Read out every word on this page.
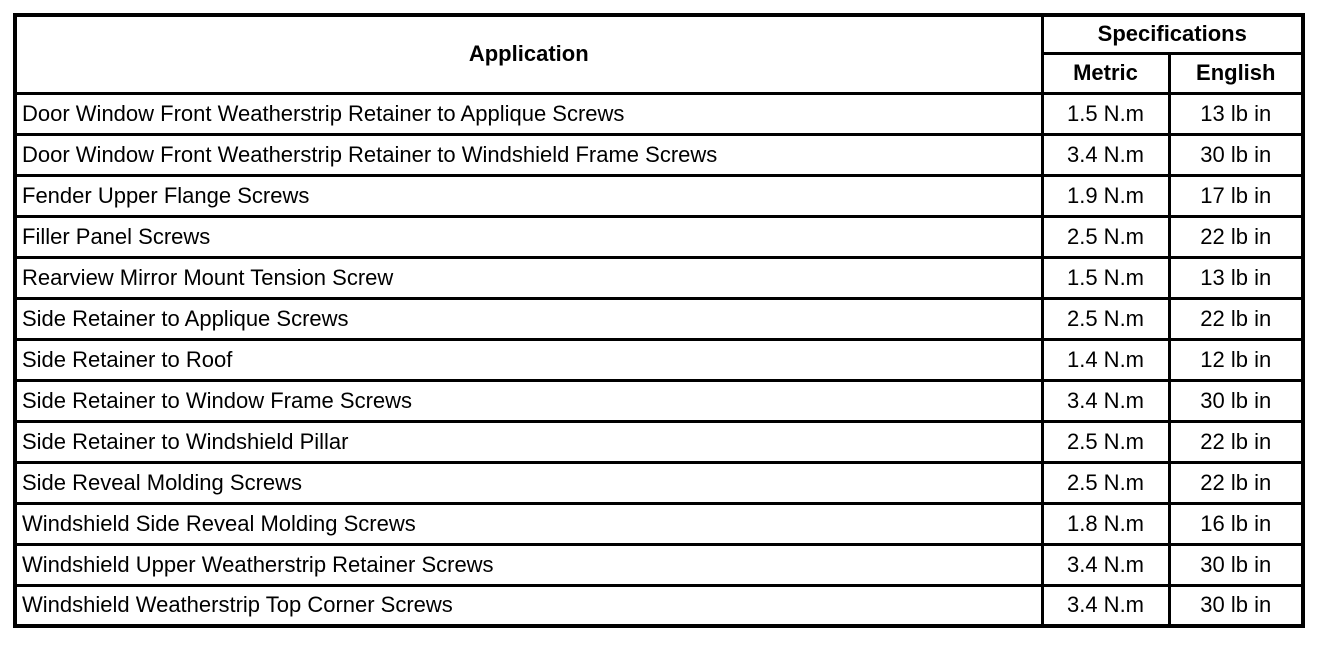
Application	Specifications	
	Metric	English
Door Window Front Weatherstrip Retainer to Applique Screws	1.5 N.m	13 lb in
Door Window Front Weatherstrip Retainer to Windshield Frame Screws	3.4 N.m	30 lb in
Fender Upper Flange Screws	1.9 N.m	17 lb in
Filler Panel Screws	2.5 N.m	22 lb in
Rearview Mirror Mount Tension Screw	1.5 N.m	13 lb in
Side Retainer to Applique Screws	2.5 N.m	22 lb in
Side Retainer to Roof	1.4 N.m	12 lb in
Side Retainer to Window Frame Screws	3.4 N.m	30 lb in
Side Retainer to Windshield Pillar	2.5 N.m	22 lb in
Side Reveal Molding Screws	2.5 N.m	22 lb in
Windshield Side Reveal Molding Screws	1.8 N.m	16 lb in
Windshield Upper Weatherstrip Retainer Screws	3.4 N.m	30 lb in
Windshield Weatherstrip Top Corner Screws	3.4 N.m	30 lb in
